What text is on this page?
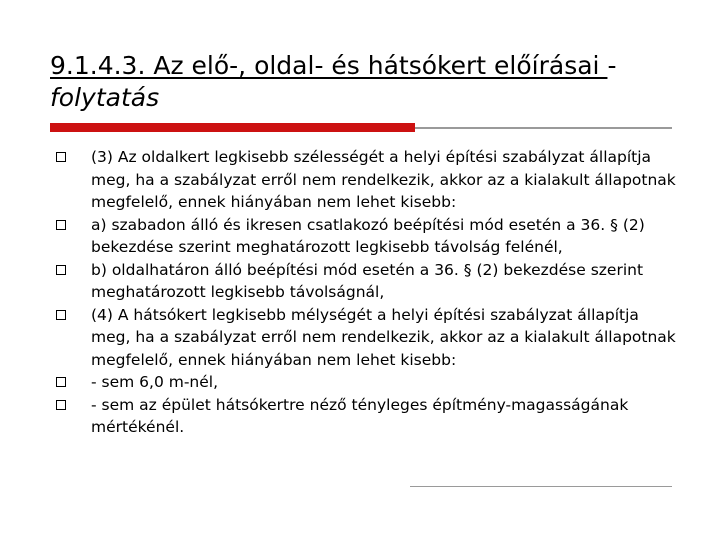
9.1.4.3. Az elő-, oldal- és hátsókert előírásai - folytatás
(3) Az oldalkert legkisebb szélességét a helyi építési szabályzat állapítja meg, ha a szabályzat erről nem rendelkezik, akkor az a kialakult állapotnak megfelelő, ennek hiányában nem lehet kisebb:
a) szabadon álló és ikresen csatlakozó beépítési mód esetén a 36. § (2) bekezdése szerint meghatározott legkisebb távolság felénél,
b) oldalhatáron álló beépítési mód esetén a 36. § (2) bekezdése szerint meghatározott legkisebb távolságnál,
(4) A hátsókert legkisebb mélységét a helyi építési szabályzat állapítja meg, ha a szabályzat erről nem rendelkezik, akkor az a kialakult állapotnak megfelelő, ennek hiányában nem lehet kisebb:
- sem 6,0 m-nél,
- sem az épület hátsókertre néző tényleges építmény-magasságának mértékénél.
